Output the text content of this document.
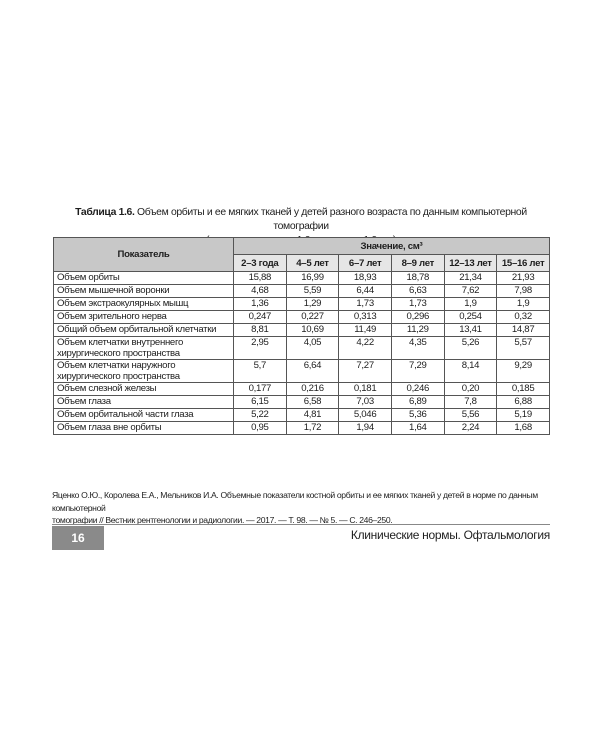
Таблица 1.6. Объем орбиты и ее мягких тканей у детей разного возраста по данным компьютерной томографии
Показатель	Значение, см³					
	2–3 года	4–5 лет	6–7 лет	8–9 лет	12–13 лет	15–16 лет
Объем орбиты	15,88	16,99	18,93	18,78	21,34	21,93
Объем мышечной воронки	4,68	5,59	6,44	6,63	7,62	7,98
Объем экстраокулярных мышц	1,36	1,29	1,73	1,73	1,9	1,9
Объем зрительного нерва	0,247	0,227	0,313	0,296	0,254	0,32
Общий объем орбитальной клетчатки	8,81	10,69	11,49	11,29	13,41	14,87
Объем клетчатки внутреннего хирургического пространства	2,95	4,05	4,22	4,35	5,26	5,57
Объем клетчатки наружного хирургического пространства	5,7	6,64	7,27	7,29	8,14	9,29
Объем слезной железы	0,177	0,216	0,181	0,246	0,20	0,185
Объем глаза	6,15	6,58	7,03	6,89	7,8	6,88
Объем орбитальной части глаза	5,22	4,81	5,046	5,36	5,56	5,19
Объем глаза вне орбиты	0,95	1,72	1,94	1,64	2,24	1,68
Яценко О.Ю., Королева Е.А., Мельников И.А. Объемные показатели костной орбиты и ее мягких тканей у детей в норме по данным компьютерной
томографии // Вестник рентгенологии и радиологии. — 2017. — Т. 98. — № 5. — С. 246–250.
16	Клинические нормы. Офтальмология
